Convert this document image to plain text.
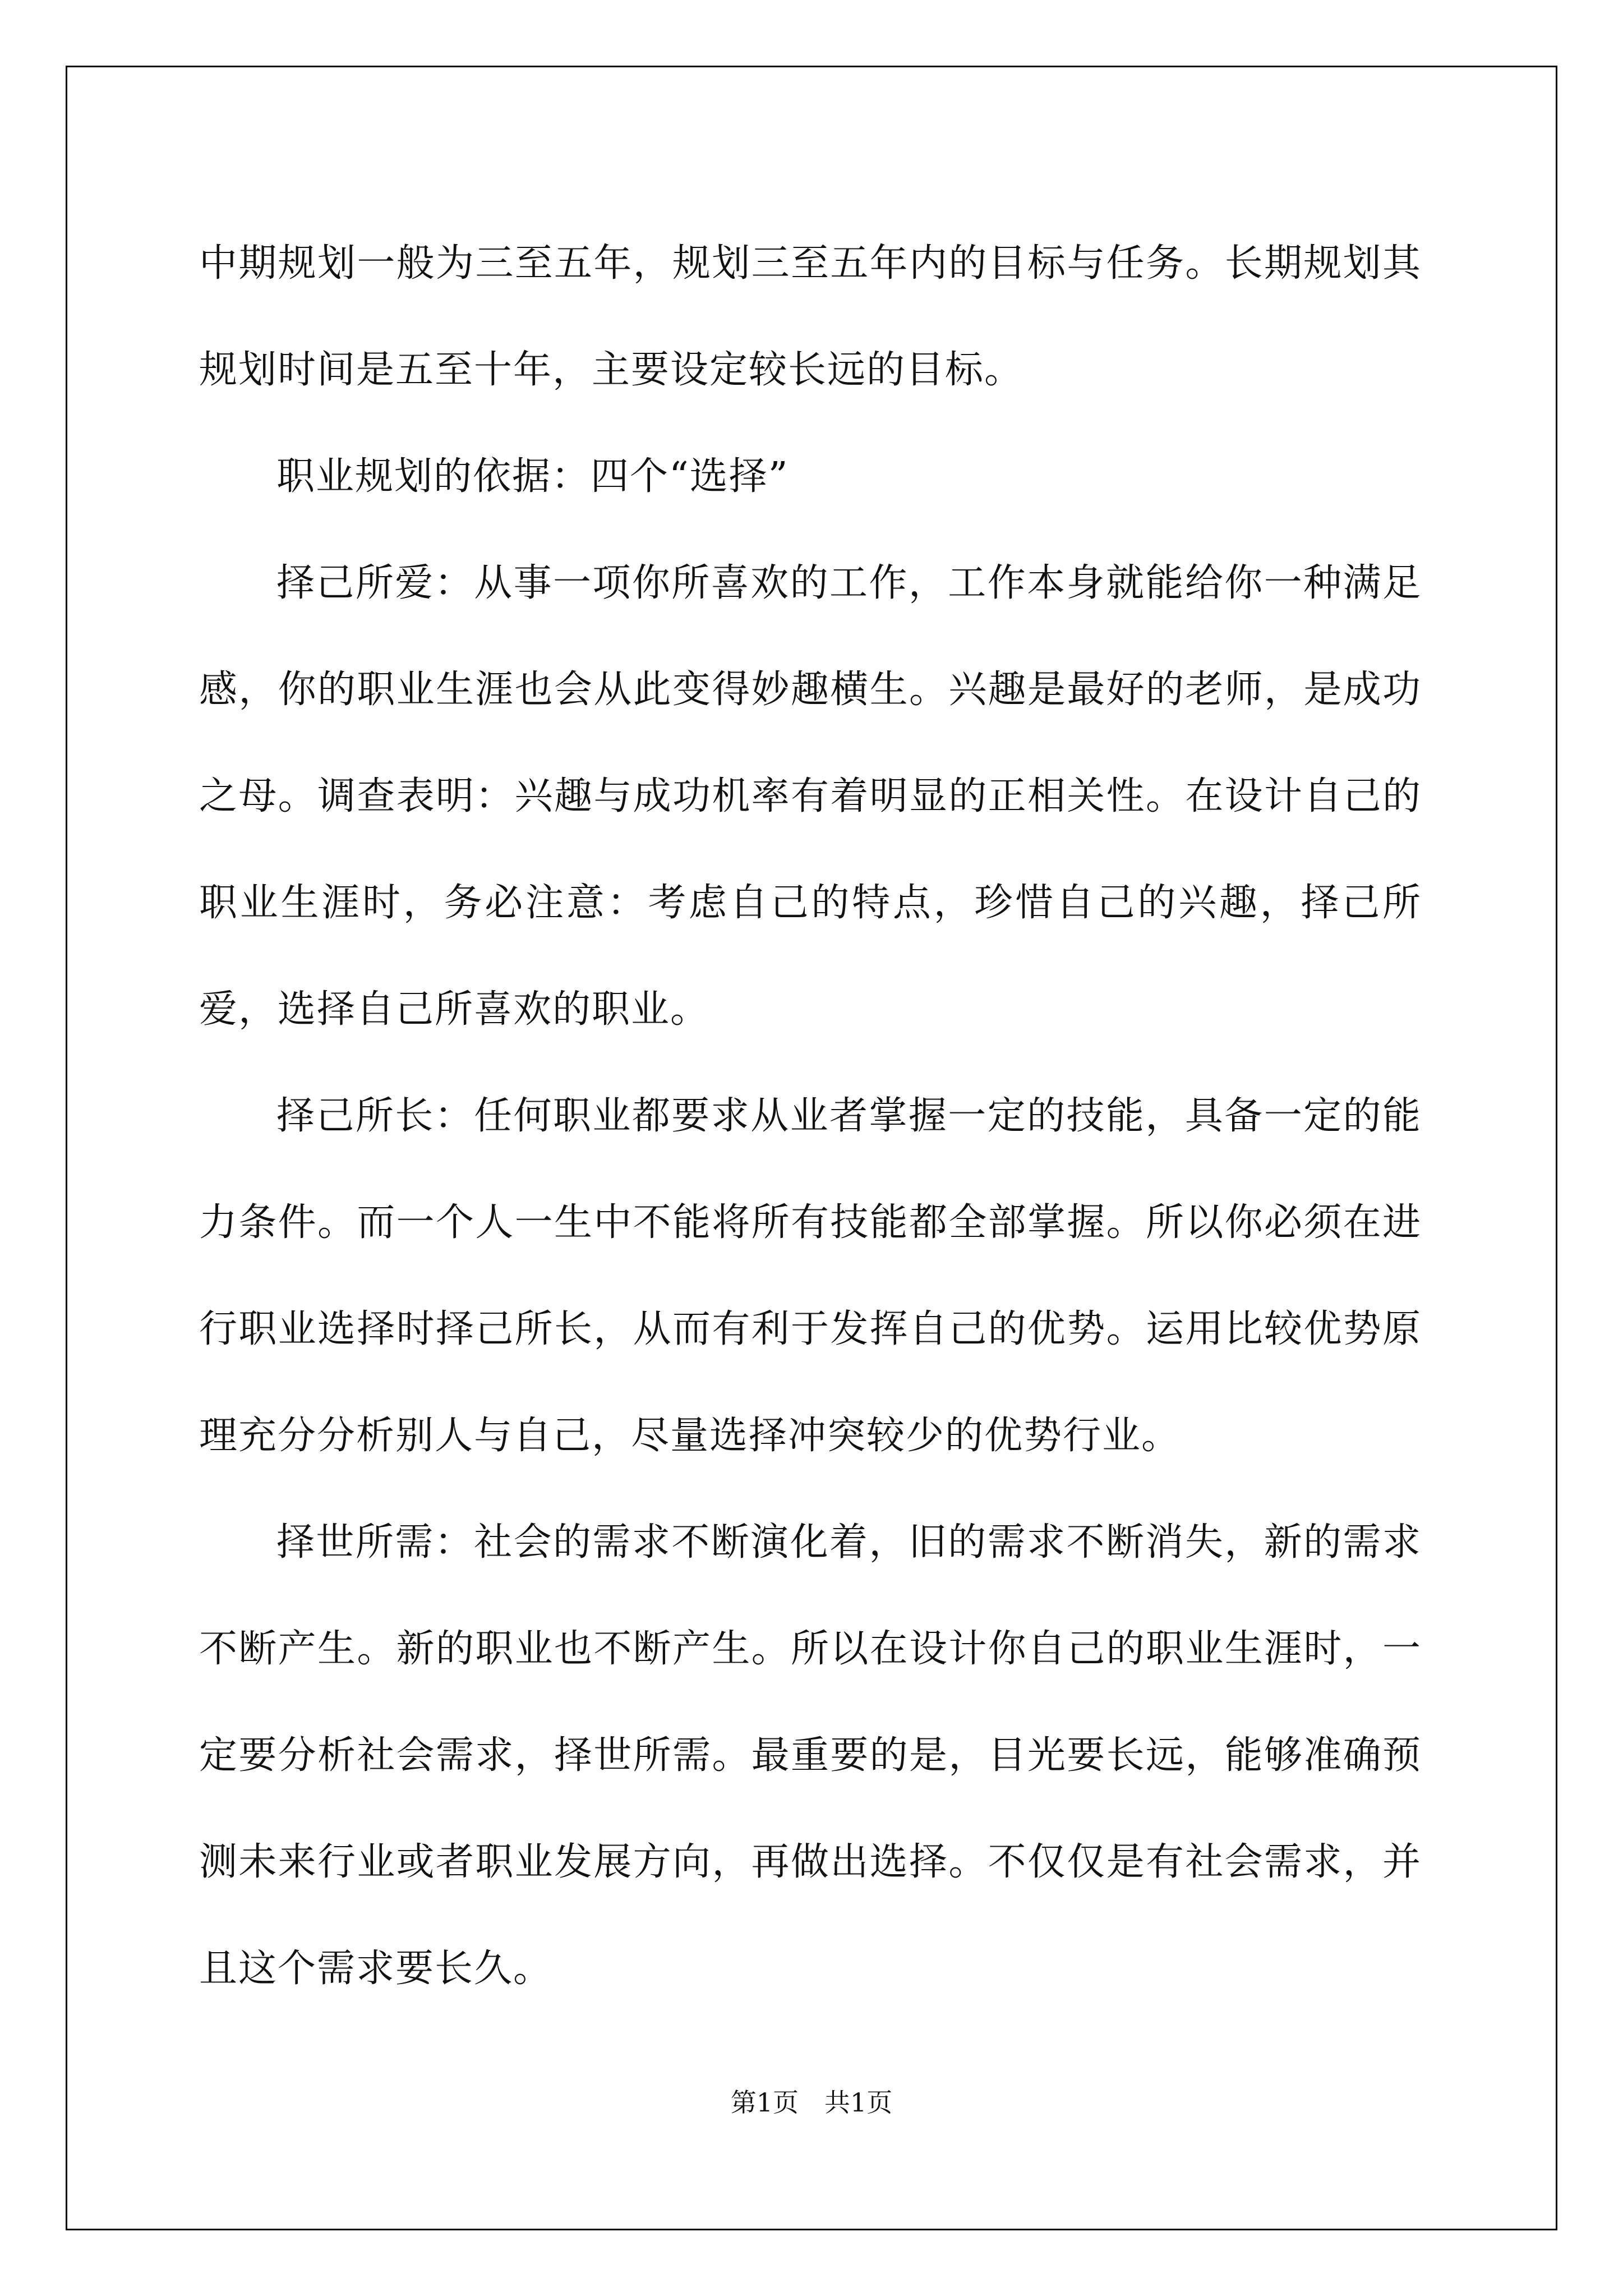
中期规划一般为三至五年，规划三至五年内的目标与任务。长期规划其规划时间是五至十年，主要设定较长远的目标。

职业规划的依据：四个“选择”

择己所爱：从事一项你所喜欢的工作，工作本身就能给你一种满足感，你的职业生涯也会从此变得妙趣横生。兴趣是最好的老师，是成功之母。调查表明：兴趣与成功机率有着明显的正相关性。在设计自己的职业生涯时，务必注意：考虑自己的特点，珍惜自己的兴趣，择己所爱，选择自己所喜欢的职业。

择己所长：任何职业都要求从业者掌握一定的技能，具备一定的能力条件。而一个人一生中不能将所有技能都全部掌握。所以你必须在进行职业选择时择己所长，从而有利于发挥自己的优势。运用比较优势原理充分分析别人与自己，尽量选择冲突较少的优势行业。

择世所需：社会的需求不断演化着，旧的需求不断消失，新的需求不断产生。新的职业也不断产生。所以在设计你自己的职业生涯时，一定要分析社会需求，择世所需。最重要的是，目光要长远，能够准确预测未来行业或者职业发展方向，再做出选择。不仅仅是有社会需求，并且这个需求要长久。

第1页　共1页
